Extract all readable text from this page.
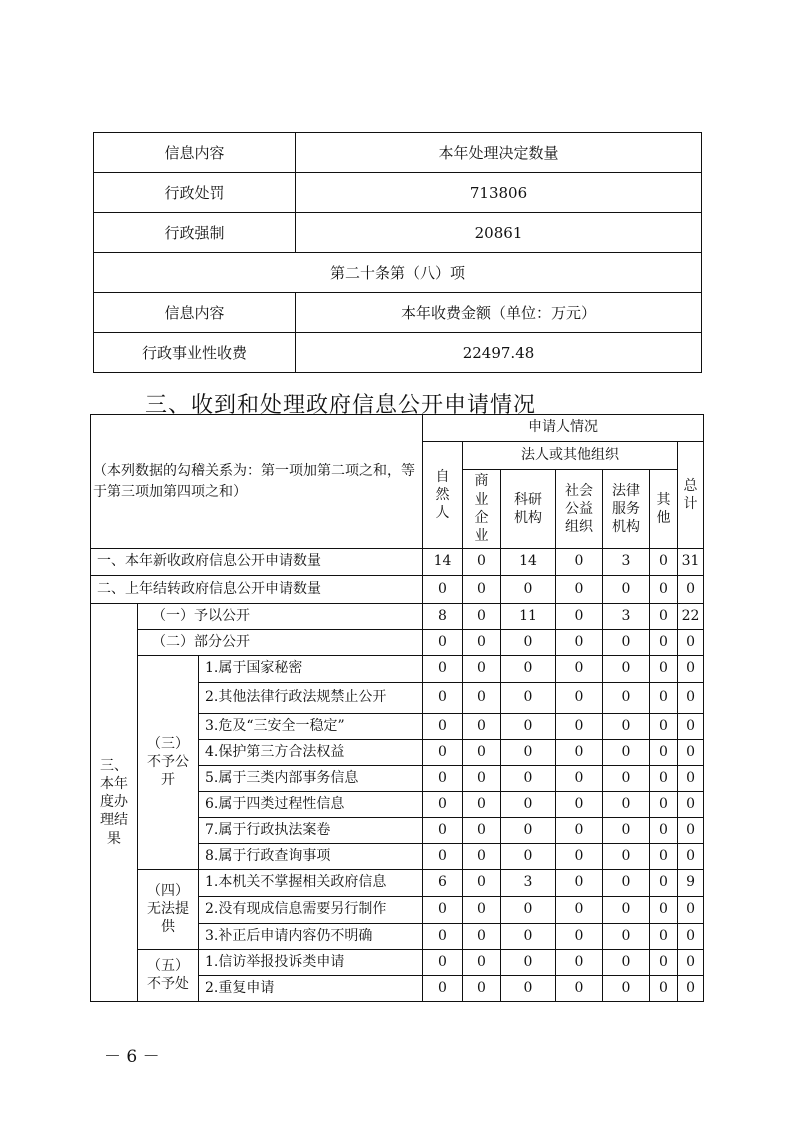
信息内容	本年处理决定数量
行政处罚	713806
行政强制	20861
第二十条第（八）项	
信息内容	本年收费金额（单位：万元）
行政事业性收费	22497.48
三、收到和处理政府信息公开申请情况
（本列数据的勾稽关系为：第一项加第二项之和，等于第三项加第四项之和）			申请人情况						
			自然人	法人或其他组织					总计
				商业企业	科研机构	社会公益组织	法律服务机构	其他	
一、本年新收政府信息公开申请数量			14	0	14	0	3	0	31
二、上年结转政府信息公开申请数量			0	0	0	0	0	0	0
三、本年度办理结果	（一）予以公开		8	0	11	0	3	0	22
	（二）部分公开		0	0	0	0	0	0	0
	（三）不予公开	1.属于国家秘密	0	0	0	0	0	0	0
		2.其他法律行政法规禁止公开	0	0	0	0	0	0	0
		3.危及“三安全一稳定”	0	0	0	0	0	0	0
		4.保护第三方合法权益	0	0	0	0	0	0	0
		5.属于三类内部事务信息	0	0	0	0	0	0	0
		6.属于四类过程性信息	0	0	0	0	0	0	0
		7.属于行政执法案卷	0	0	0	0	0	0	0
		8.属于行政查询事项	0	0	0	0	0	0	0
	（四）无法提供	1.本机关不掌握相关政府信息	6	0	3	0	0	0	9
		2.没有现成信息需要另行制作	0	0	0	0	0	0	0
		3.补正后申请内容仍不明确	0	0	0	0	0	0	0
	（五）不予处	1.信访举报投诉类申请	0	0	0	0	0	0	0
		2.重复申请	0	0	0	0	0	0	0
－ 6 －
